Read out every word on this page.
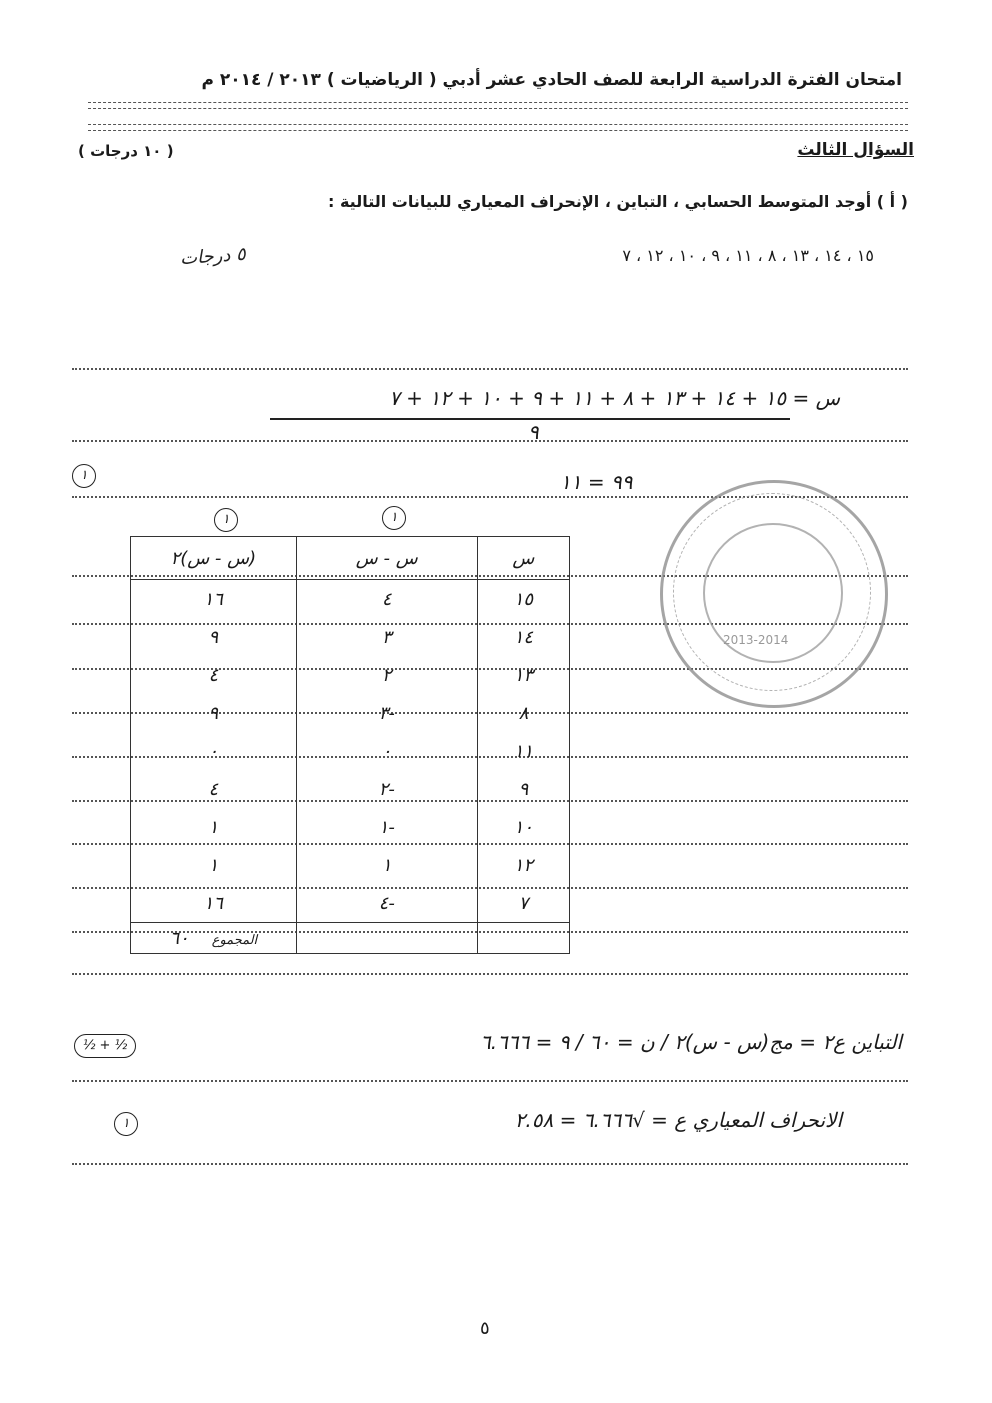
امتحان الفترة الدراسية الرابعة للصف الحادي عشر أدبي ( الرياضيات ) ٢٠١٣ / ٢٠١٤ م
السؤال الثالث
( ١٠ درجات )
( أ ) أوجد المتوسط الحسابي ، التباين ، الإنحراف المعياري للبيانات التالية :
١٥ ، ١٤ ، ١٣ ، ٨ ، ١١ ، ٩ ، ١٠ ، ١٢ ، ٧
٥ درجات
س = ١٥ + ١٤ + ١٣ + ٨ + ١١ + ٩ + ١٠ + ١٢ + ٧
٩
١	٩٩ = ١١
١	١
2013-2014
س	س - س	(س - س)٢
١٥	٤	١٦
١٤	٣	٩
١٣	٢	٤
٨	-٣	٩
١١	٠	٠
٩	-٢	٤
١٠	-١	١
١٢	١	١
٧	-٤	١٦
		المجموع    ٦٠
التباين ع٢ = مج(س - س)٢ / ن = ٦٠ / ٩ = ٦.٦٦٦
½ + ½
الانحراف المعياري ع = √٦.٦٦٦ = ٢.٥٨
١
٥
